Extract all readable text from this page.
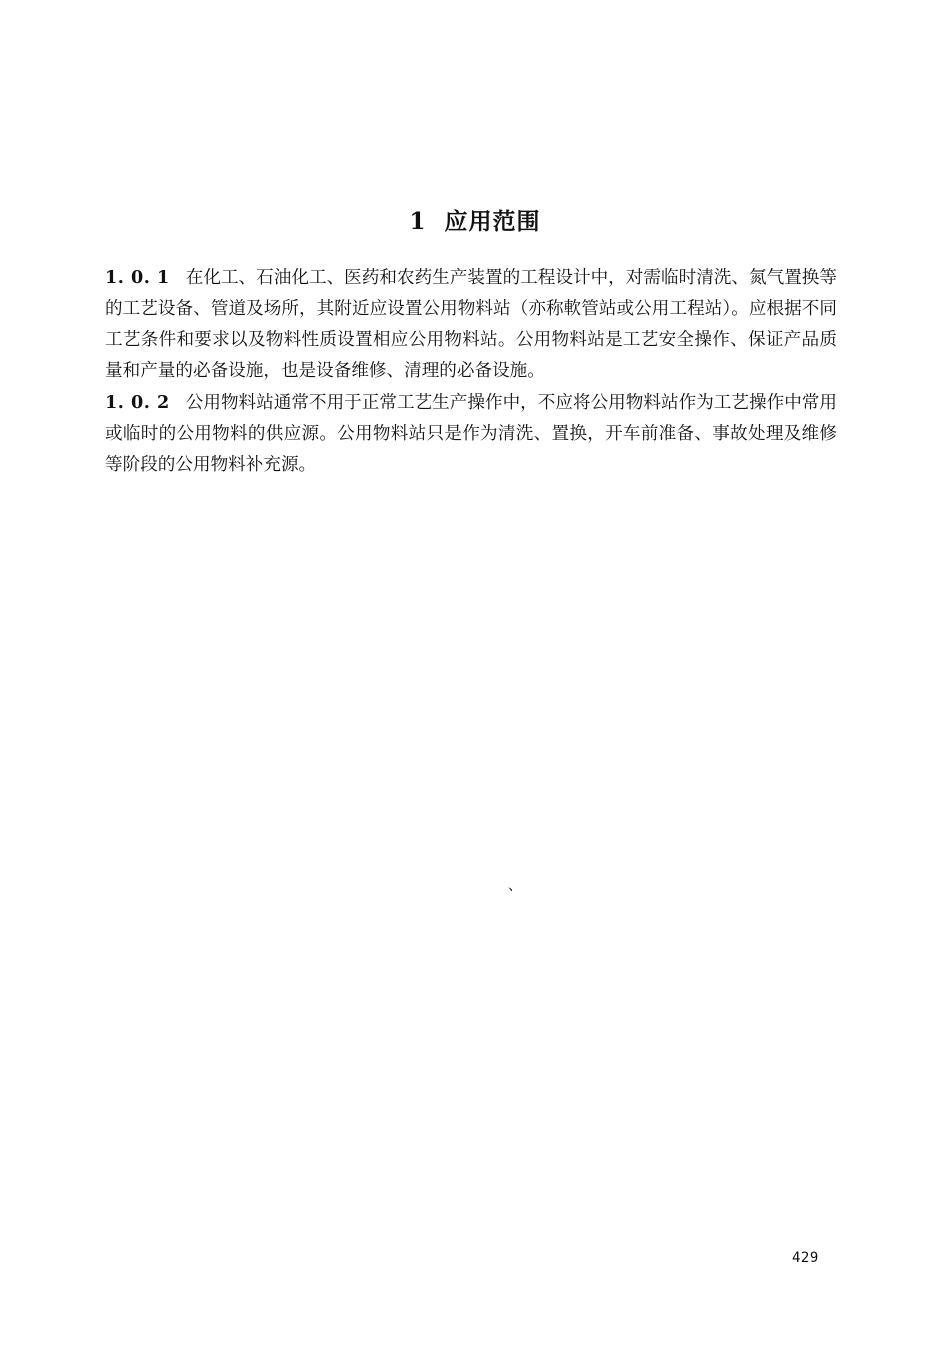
1 应用范围

1. 0. 1 在化工、石油化工、医药和农药生产装置的工程设计中，对需临时清洗、氮气置换等的工艺设备、管道及场所，其附近应设置公用物料站（亦称軟管站或公用工程站）。应根据不同工艺条件和要求以及物料性质设置相应公用物料站。公用物料站是工艺安全操作、保证产品质量和产量的必备设施，也是设备维修、清理的必备设施。

1. 0. 2 公用物料站通常不用于正常工艺生产操作中，不应将公用物料站作为工艺操作中常用或临时的公用物料的供应源。公用物料站只是作为清洗、置换，开车前准备、事故处理及维修等阶段的公用物料补充源。

、
429
